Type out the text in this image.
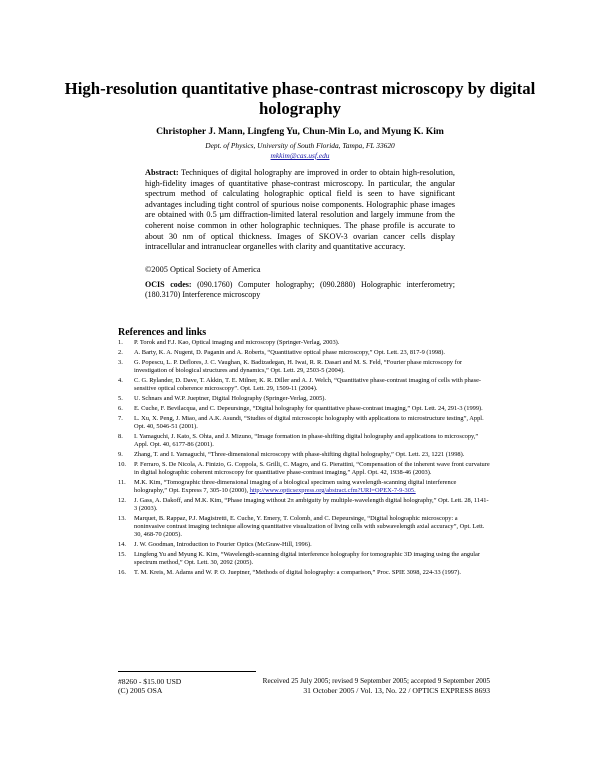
High-resolution quantitative phase-contrast microscopy by digital holography
Christopher J. Mann, Lingfeng Yu, Chun-Min Lo, and Myung K. Kim
Dept. of Physics, University of South Florida, Tampa, FL 33620
mkkim@cas.usf.edu
Abstract: Techniques of digital holography are improved in order to obtain high-resolution, high-fidelity images of quantitative phase-contrast microscopy. In particular, the angular spectrum method of calculating holographic optical field is seen to have significant advantages including tight control of spurious noise components. Holographic phase images are obtained with 0.5 µm diffraction-limited lateral resolution and largely immune from the coherent noise common in other holographic techniques. The phase profile is accurate to about 30 nm of optical thickness. Images of SKOV-3 ovarian cancer cells display intracellular and intranuclear organelles with clarity and quantitative accuracy.
©2005 Optical Society of America
OCIS codes: (090.1760) Computer holography; (090.2880) Holographic interferometry; (180.3170) Interference microscopy
References and links
1.	P. Torok and F.J. Kao, Optical imaging and microscopy (Springer-Verlag, 2003).
2.	A. Barty, K. A. Nugent, D. Paganin and A. Roberts, “Quantitative optical phase microscopy,” Opt. Lett. 23, 817-9 (1998).
3.	G. Popescu, L. P. Deflores, J. C. Vaughan, K. Badizadegan, H. Iwai, R. R. Dasari and M. S. Feld, “Fourier phase microscopy for investigation of biological structures and dynamics,” Opt. Lett. 29, 2503-5 (2004).
4.	C. G. Rylander, D. Dave, T. Akkin, T. E. Milner, K. R. Diller and A. J. Welch, “Quantitative phase-contrast imaging of cells with phase-sensitive optical coherence microscopy”. Opt. Lett. 29, 1509-11 (2004).
5.	U. Schnars and W.P. Jueptner, Digital Holography (Springer-Verlag, 2005).
6.	E. Cuche, F. Bevilacqua, and C. Depeursinge, “Digital holography for quantitative phase-contrast imaging,” Opt. Lett. 24, 291-3 (1999).
7.	L. Xu, X. Peng, J. Miao, and A.K. Asundi, “Studies of digital microscopic holography with applications to microstructure testing”, Appl. Opt. 40, 5046-51 (2001).
8.	I. Yamaguchi, J. Kato, S. Ohta, and J. Mizuno, “Image formation in phase-shifting digital holography and applications to microscopy,” Appl. Opt. 40, 6177-86 (2001).
9.	Zhang, T. and I. Yamaguchi, “Three-dimensional microscopy with phase-shifting digital holography,” Opt. Lett. 23, 1221 (1998).
10.	P. Ferraro, S. De Nicola, A. Finizio, G. Coppola, S. Grilli, C. Magro, and G. Pierattini, “Compensation of the inherent wave front curvature in digital holographic coherent microscopy for quantitative phase-contrast imaging,” Appl. Opt. 42, 1938-46 (2003).
11.	M.K. Kim, “Tomographic three-dimensional imaging of a biological specimen using wavelength-scanning digital interference holography,” Opt. Express 7, 305-10 (2000), http://www.opticsexpress.org/abstract.cfm?URI=OPEX-7-9-305.
12.	J. Gass, A. Dakoff, and M.K. Kim, “Phase imaging without 2π ambiguity by multiple-wavelength digital holography,” Opt. Lett. 28, 1141-3 (2003).
13.	Marquet, B. Rappaz, P.J. Magistretti, E. Cuche, Y. Emery, T. Colomb, and C. Depeursinge, “Digital holographic microscopy: a noninvasive contrast imaging technique allowing quantitative visualization of living cells with subwavelength axial accuracy”, Opt. Lett. 30, 468-70 (2005).
14.	J. W. Goodman, Introduction to Fourier Optics (McGraw-Hill, 1996).
15.	Lingfeng Yu and Myung K. Kim, “Wavelength-scanning digital interference holography for tomographic 3D imaging using the angular spectrum method,” Opt. Lett. 30, 2092 (2005).
16.	T. M. Kreis, M. Adams and W. P. O. Jueptner, “Methods of digital holography: a comparison,” Proc. SPIE 3098, 224-33 (1997).
#8260 - $15.00 USD
(C) 2005 OSA
Received 25 July 2005; revised 9 September 2005; accepted 9 September 2005
31 October 2005 / Vol. 13, No. 22 / OPTICS EXPRESS 8693
